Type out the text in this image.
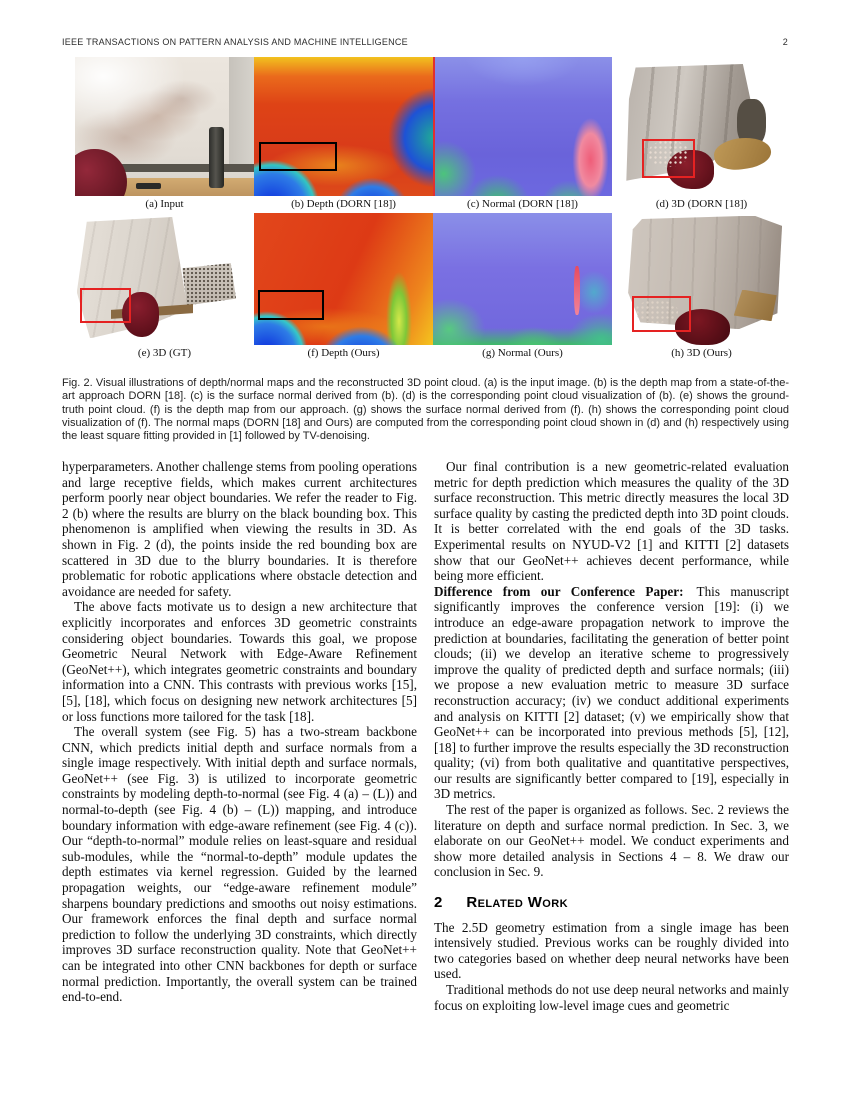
IEEE TRANSACTIONS ON PATTERN ANALYSIS AND MACHINE INTELLIGENCE	2
(a) Input	(b) Depth (DORN [18])	(c) Normal (DORN [18])	(d) 3D (DORN [18])
(e) 3D (GT)	(f) Depth (Ours)	(g) Normal (Ours)	(h) 3D (Ours)
Fig. 2. Visual illustrations of depth/normal maps and the reconstructed 3D point cloud. (a) is the input image. (b) is the depth map from a state-of-the-art approach DORN [18]. (c) is the surface normal derived from (b). (d) is the corresponding point cloud visualization of (b). (e) shows the ground-truth point cloud. (f) is the depth map from our approach. (g) shows the surface normal derived from (f). (h) shows the corresponding point cloud visualization of (f). The normal maps (DORN [18] and Ours) are computed from the corresponding point cloud shown in (d) and (h) respectively using the least square fitting provided in [1] followed by TV-denoising.

hyperparameters. Another challenge stems from pooling operations and large receptive fields, which makes current architectures perform poorly near object boundaries. We refer the reader to Fig. 2 (b) where the results are blurry on the black bounding box. This phenomenon is amplified when viewing the results in 3D. As shown in Fig. 2 (d), the points inside the red bounding box are scattered in 3D due to the blurry boundaries. It is therefore problematic for robotic applications where obstacle detection and avoidance are needed for safety.

The above facts motivate us to design a new architecture that explicitly incorporates and enforces 3D geometric constraints considering object boundaries. Towards this goal, we propose Geometric Neural Network with Edge-Aware Refinement (GeoNet++), which integrates geometric constraints and boundary information into a CNN. This contrasts with previous works [15], [5], [18], which focus on designing new network architectures [5] or loss functions more tailored for the task [18].

The overall system (see Fig. 5) has a two-stream backbone CNN, which predicts initial depth and surface normals from a single image respectively. With initial depth and surface normals, GeoNet++ (see Fig. 3) is utilized to incorporate geometric constraints by modeling depth-to-normal (see Fig. 4 (a) – (L)) and normal-to-depth (see Fig. 4 (b) – (L)) mapping, and introduce boundary information with edge-aware refinement (see Fig. 4 (c)). Our “depth-to-normal” module relies on least-square and residual sub-modules, while the “normal-to-depth” module updates the depth estimates via kernel regression. Guided by the learned propagation weights, our “edge-aware refinement module” sharpens boundary predictions and smooths out noisy estimations. Our framework enforces the final depth and surface normal prediction to follow the underlying 3D constraints, which directly improves 3D surface reconstruction quality. Note that GeoNet++ can be integrated into other CNN backbones for depth or surface normal prediction. Importantly, the overall system can be trained end-to-end.

Our final contribution is a new geometric-related evaluation metric for depth prediction which measures the quality of the 3D surface reconstruction. This metric directly measures the local 3D surface quality by casting the predicted depth into 3D point clouds. It is better correlated with the end goals of the 3D tasks. Experimental results on NYUD-V2 [1] and KITTI [2] datasets show that our GeoNet++ achieves decent performance, while being more efficient.

Difference from our Conference Paper: This manuscript significantly improves the conference version [19]: (i) we introduce an edge-aware propagation network to improve the prediction at boundaries, facilitating the generation of better point clouds; (ii) we develop an iterative scheme to progressively improve the quality of predicted depth and surface normals; (iii) we propose a new evaluation metric to measure 3D surface reconstruction accuracy; (iv) we conduct additional experiments and analysis on KITTI [2] dataset; (v) we empirically show that GeoNet++ can be incorporated into previous methods [5], [12], [18] to further improve the results especially the 3D reconstruction quality; (vi) from both qualitative and quantitative perspectives, our results are significantly better compared to [19], especially in 3D metrics.

The rest of the paper is organized as follows. Sec. 2 reviews the literature on depth and surface normal prediction. In Sec. 3, we elaborate on our GeoNet++ model. We conduct experiments and show more detailed analysis in Sections 4 – 8. We draw our conclusion in Sec. 9.

2 Related Work

The 2.5D geometry estimation from a single image has been intensively studied. Previous works can be roughly divided into two categories based on whether deep neural networks have been used.

Traditional methods do not use deep neural networks and mainly focus on exploiting low-level image cues and geometric
